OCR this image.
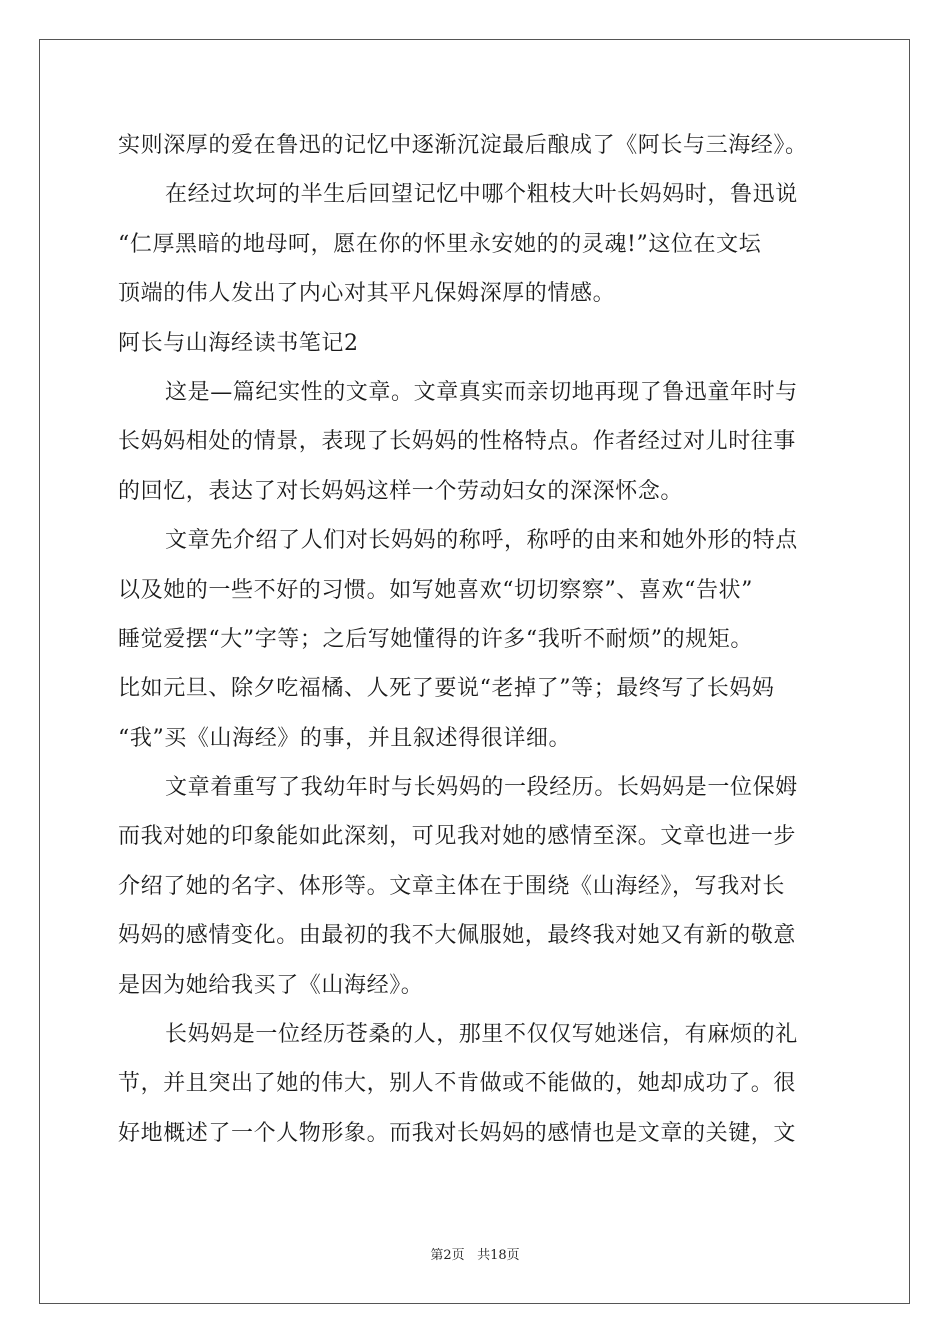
实则深厚的爱在鲁迅的记忆中逐渐沉淀最后酿成了《阿长与三海经》。
在经过坎坷的半生后回望记忆中哪个粗枝大叶长妈妈时，鲁迅说
“仁厚黑暗的地母呵，愿在你的怀里永安她的的灵魂!”这位在文坛
顶端的伟人发出了内心对其平凡保姆深厚的情感。
阿长与山海经读书笔记2
这是—篇纪实性的文章。文章真实而亲切地再现了鲁迅童年时与
长妈妈相处的情景，表现了长妈妈的性格特点。作者经过对儿时往事
的回忆，表达了对长妈妈这样一个劳动妇女的深深怀念。
文章先介绍了人们对长妈妈的称呼，称呼的由来和她外形的特点
以及她的一些不好的习惯。如写她喜欢“切切察察”、喜欢“告状”
睡觉爱摆“大”字等；之后写她懂得的许多“我听不耐烦”的规矩。
比如元旦、除夕吃福橘、人死了要说“老掉了”等；最终写了长妈妈
“我”买《山海经》的事，并且叙述得很详细。
文章着重写了我幼年时与长妈妈的一段经历。长妈妈是一位保姆
而我对她的印象能如此深刻，可见我对她的感情至深。文章也进一步
介绍了她的名字、体形等。文章主体在于围绕《山海经》，写我对长
妈妈的感情变化。由最初的我不大佩服她，最终我对她又有新的敬意
是因为她给我买了《山海经》。
长妈妈是一位经历苍桑的人，那里不仅仅写她迷信，有麻烦的礼
节，并且突出了她的伟大，别人不肯做或不能做的，她却成功了。很
好地概述了一个人物形象。而我对长妈妈的感情也是文章的关键，文
第2页 共18页
